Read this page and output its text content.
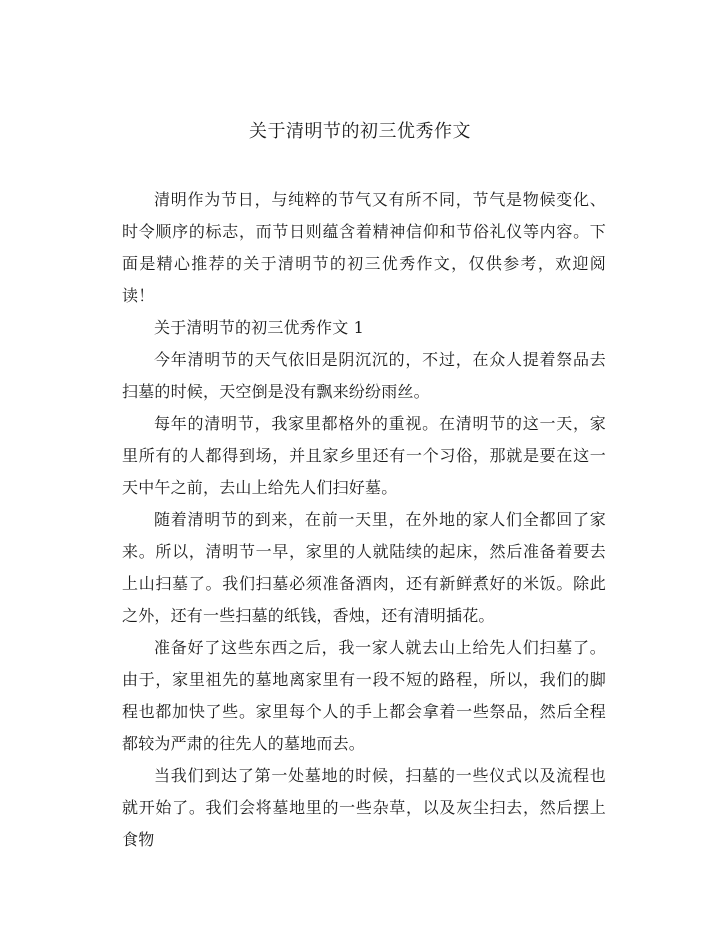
关于清明节的初三优秀作文

清明作为节日，与纯粹的节气又有所不同，节气是物候变化、时令顺序的标志，而节日则蕴含着精神信仰和节俗礼仪等内容。下面是精心推荐的关于清明节的初三优秀作文，仅供参考，欢迎阅读！

关于清明节的初三优秀作文 1

今年清明节的天气依旧是阴沉沉的，不过，在众人提着祭品去扫墓的时候，天空倒是没有飘来纷纷雨丝。

每年的清明节，我家里都格外的重视。在清明节的这一天，家里所有的人都得到场，并且家乡里还有一个习俗，那就是要在这一天中午之前，去山上给先人们扫好墓。

随着清明节的到来，在前一天里，在外地的家人们全都回了家来。所以，清明节一早，家里的人就陆续的起床，然后准备着要去上山扫墓了。我们扫墓必须准备酒肉，还有新鲜煮好的米饭。除此之外，还有一些扫墓的纸钱，香烛，还有清明插花。

准备好了这些东西之后，我一家人就去山上给先人们扫墓了。由于，家里祖先的墓地离家里有一段不短的路程，所以，我们的脚程也都加快了些。家里每个人的手上都会拿着一些祭品，然后全程都较为严肃的往先人的墓地而去。

当我们到达了第一处墓地的时候，扫墓的一些仪式以及流程也就开始了。我们会将墓地里的一些杂草，以及灰尘扫去，然后摆上食物
